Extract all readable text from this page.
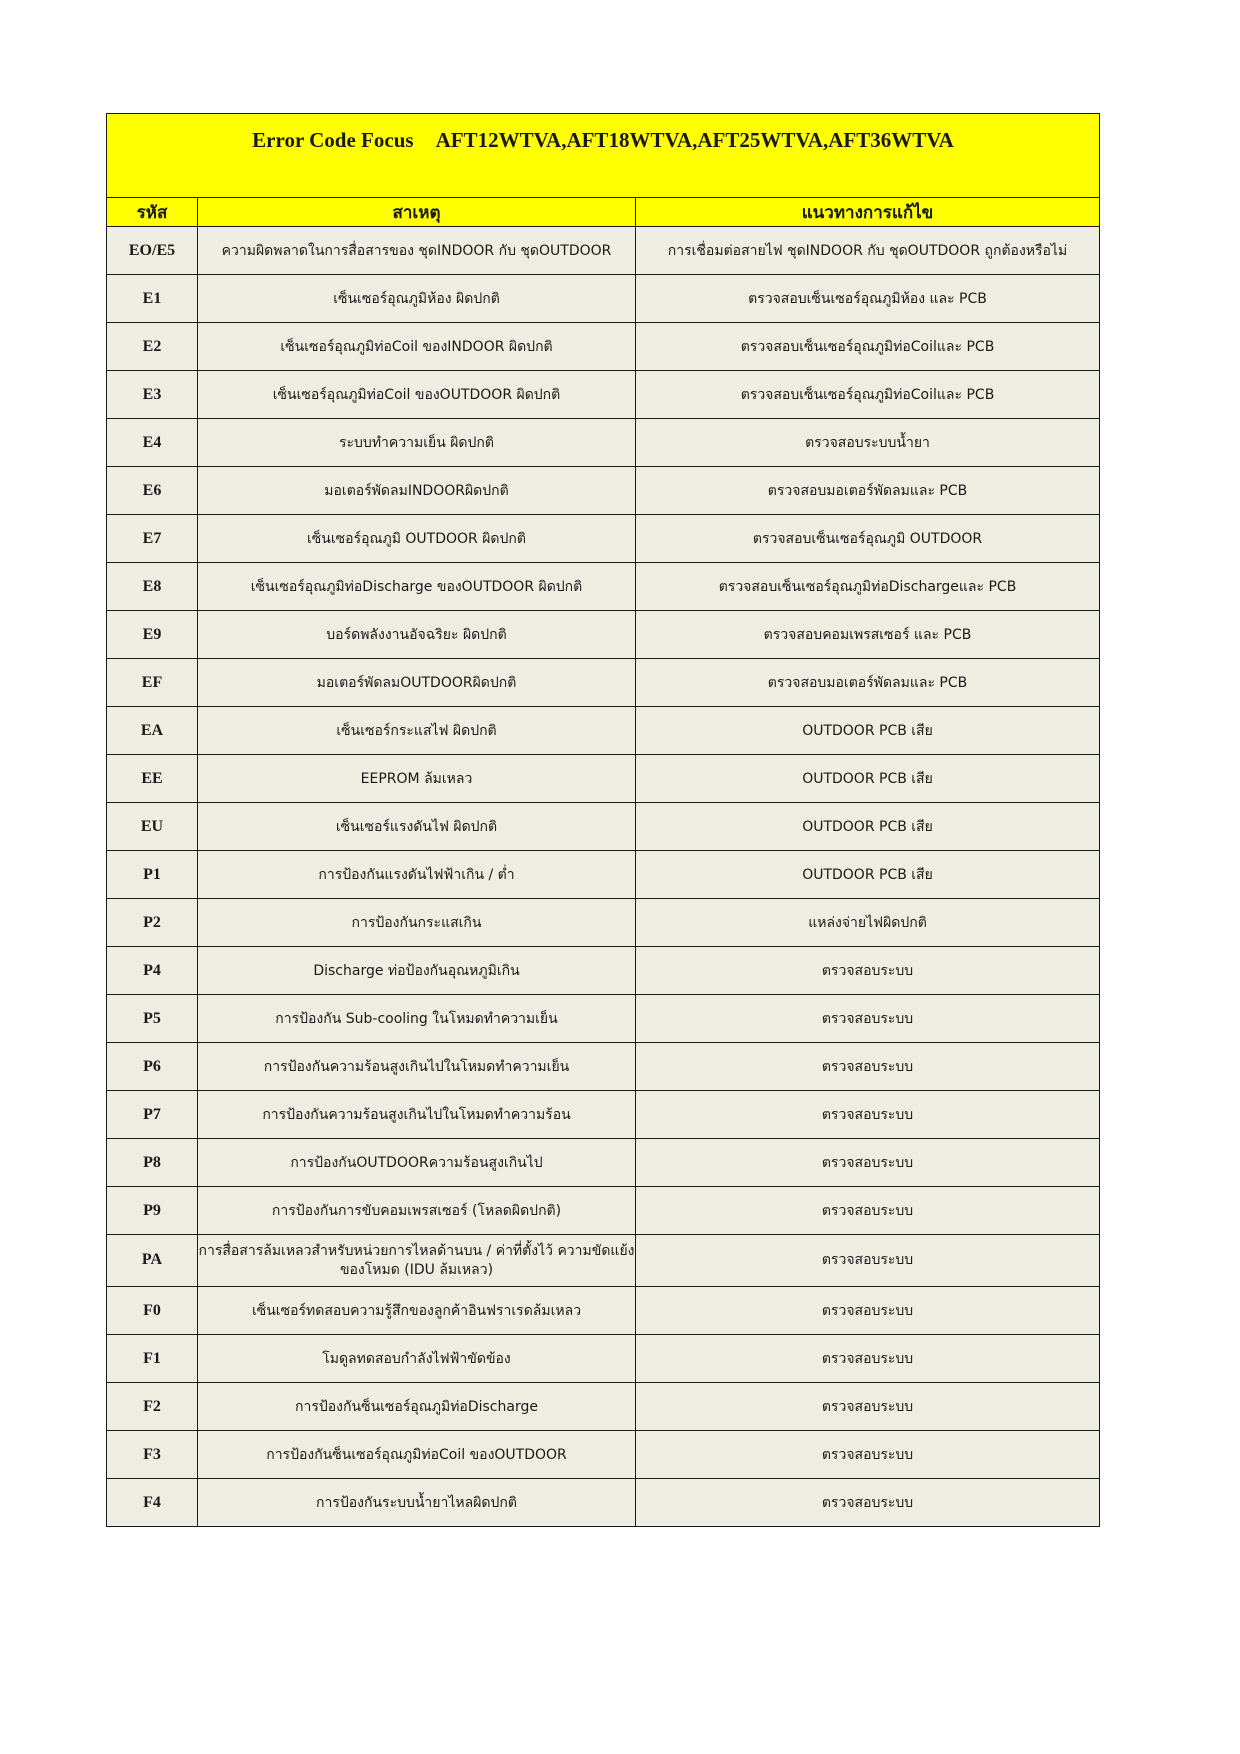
Error Code Focus AFT12WTVA,AFT18WTVA,AFT25WTVA,AFT36WTVA		
รหัส	สาเหตุ	แนวทางการแก้ไข
EO/E5	ความผิดพลาดในการสื่อสารของ ชุดINDOOR กับ ชุดOUTDOOR	การเชื่อมต่อสายไฟ ชุดINDOOR กับ ชุดOUTDOOR ถูกต้องหรือไม่
E1	เซ็นเซอร์อุณภูมิห้อง ผิดปกติ	ตรวจสอบเซ็นเซอร์อุณภูมิห้อง และ PCB
E2	เซ็นเซอร์อุณภูมิท่อCoil ของINDOOR ผิดปกติ	ตรวจสอบเซ็นเซอร์อุณภูมิท่อCoilและ PCB
E3	เซ็นเซอร์อุณภูมิท่อCoil ของOUTDOOR ผิดปกติ	ตรวจสอบเซ็นเซอร์อุณภูมิท่อCoilและ PCB
E4	ระบบทำความเย็น ผิดปกติ	ตรวจสอบระบบน้ำยา
E6	มอเตอร์พัดลมINDOORผิดปกติ	ตรวจสอบมอเตอร์พัดลมและ PCB
E7	เซ็นเซอร์อุณภูมิ OUTDOOR ผิดปกติ	ตรวจสอบเซ็นเซอร์อุณภูมิ OUTDOOR
E8	เซ็นเซอร์อุณภูมิท่อDischarge ของOUTDOOR ผิดปกติ	ตรวจสอบเซ็นเซอร์อุณภูมิท่อDischargeและ PCB
E9	บอร์ดพลังงานอัจฉริยะ ผิดปกติ	ตรวจสอบคอมเพรสเซอร์ และ PCB
EF	มอเตอร์พัดลมOUTDOORผิดปกติ	ตรวจสอบมอเตอร์พัดลมและ PCB
EA	เซ็นเซอร์กระแสไฟ ผิดปกติ	OUTDOOR PCB เสีย
EE	EEPROM ล้มเหลว	OUTDOOR PCB เสีย
EU	เซ็นเซอร์แรงดันไฟ ผิดปกติ	OUTDOOR PCB เสีย
P1	การป้องกันแรงดันไฟฟ้าเกิน / ต่ำ	OUTDOOR PCB เสีย
P2	การป้องกันกระแสเกิน	แหล่งจ่ายไฟผิดปกติ
P4	Discharge ท่อป้องกันอุณหภูมิเกิน	ตรวจสอบระบบ
P5	การป้องกัน Sub-cooling ในโหมดทำความเย็น	ตรวจสอบระบบ
P6	การป้องกันความร้อนสูงเกินไปในโหมดทำความเย็น	ตรวจสอบระบบ
P7	การป้องกันความร้อนสูงเกินไปในโหมดทำความร้อน	ตรวจสอบระบบ
P8	การป้องกันOUTDOORความร้อนสูงเกินไป	ตรวจสอบระบบ
P9	การป้องกันการขับคอมเพรสเซอร์ (โหลดผิดปกติ)	ตรวจสอบระบบ
PA	การสื่อสารล้มเหลวสำหรับหน่วยการไหลด้านบน / ค่าที่ตั้งไว้ ความขัดแย้งของโหมด (IDU ล้มเหลว)	ตรวจสอบระบบ
F0	เซ็นเซอร์ทดสอบความรู้สึกของลูกค้าอินฟราเรดล้มเหลว	ตรวจสอบระบบ
F1	โมดูลทดสอบกำลังไฟฟ้าขัดข้อง	ตรวจสอบระบบ
F2	การป้องกันซ็นเซอร์อุณภูมิท่อDischarge	ตรวจสอบระบบ
F3	การป้องกันซ็นเซอร์อุณภูมิท่อCoil ของOUTDOOR	ตรวจสอบระบบ
F4	การป้องกันระบบน้ำยาไหลผิดปกติ	ตรวจสอบระบบ
